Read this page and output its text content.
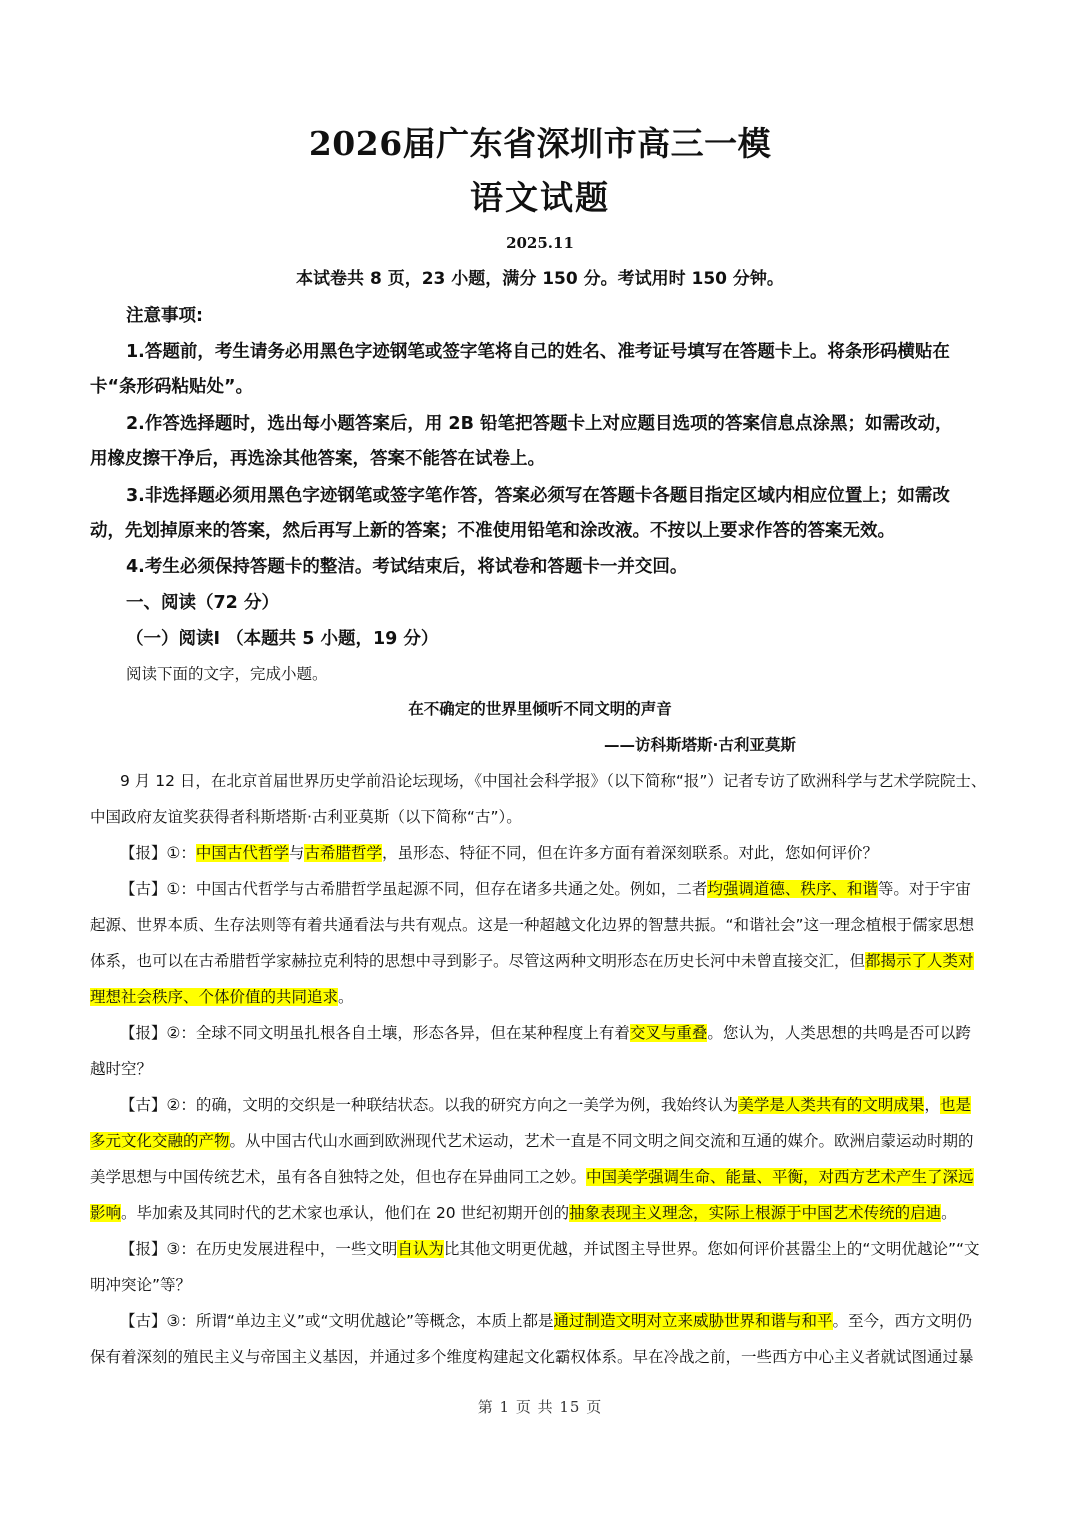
2026届广东省深圳市高三一模
语文试题
2025.11
本试卷共 8 页，23 小题，满分 150 分。考试用时 150 分钟。
注意事项:
1.答题前，考生请务必用黑色字迹钢笔或签字笔将自己的姓名、准考证号填写在答题卡上。将条形码横贴在
卡“条形码粘贴处”。
2.作答选择题时，选出每小题答案后，用 2B 铅笔把答题卡上对应题目选项的答案信息点涂黑；如需改动，
用橡皮擦干净后，再选涂其他答案，答案不能答在试卷上。
3.非选择题必须用黑色字迹钢笔或签字笔作答，答案必须写在答题卡各题目指定区域内相应位置上；如需改
动，先划掉原来的答案，然后再写上新的答案；不准使用铅笔和涂改液。不按以上要求作答的答案无效。
4.考生必须保持答题卡的整洁。考试结束后，将试卷和答题卡一并交回。
一、阅读（72 分）
（一）阅读Ⅰ （本题共 5 小题，19 分）
阅读下面的文字，完成小题。
在不确定的世界里倾听不同文明的声音
——访科斯塔斯·古利亚莫斯
9 月 12 日，在北京首届世界历史学前沿论坛现场，《中国社会科学报》（以下简称“报”）记者专访了欧洲科学与艺术学院院士、
中国政府友谊奖获得者科斯塔斯·古利亚莫斯（以下简称“古”）。
【报】①：中国古代哲学与古希腊哲学，虽形态、特征不同，但在许多方面有着深刻联系。对此，您如何评价？
【古】①：中国古代哲学与古希腊哲学虽起源不同，但存在诸多共通之处。例如，二者均强调道德、秩序、和谐等。对于宇宙
起源、世界本质、生存法则等有着共通看法与共有观点。这是一种超越文化边界的智慧共振。“和谐社会”这一理念植根于儒家思想
体系，也可以在古希腊哲学家赫拉克利特的思想中寻到影子。尽管这两种文明形态在历史长河中未曾直接交汇，但都揭示了人类对
理想社会秩序、个体价值的共同追求。
【报】②：全球不同文明虽扎根各自土壤，形态各异，但在某种程度上有着交叉与重叠。您认为，人类思想的共鸣是否可以跨
越时空？
【古】②：的确，文明的交织是一种联结状态。以我的研究方向之一美学为例，我始终认为美学是人类共有的文明成果，也是
多元文化交融的产物。从中国古代山水画到欧洲现代艺术运动，艺术一直是不同文明之间交流和互通的媒介。欧洲启蒙运动时期的
美学思想与中国传统艺术，虽有各自独特之处，但也存在异曲同工之妙。中国美学强调生命、能量、平衡，对西方艺术产生了深远
影响。毕加索及其同时代的艺术家也承认，他们在 20 世纪初期开创的抽象表现主义理念，实际上根源于中国艺术传统的启迪。
【报】③：在历史发展进程中，一些文明自认为比其他文明更优越，并试图主导世界。您如何评价甚嚣尘上的“文明优越论”“文
明冲突论”等？
【古】③：所谓“单边主义”或“文明优越论”等概念，本质上都是通过制造文明对立来威胁世界和谐与和平。至今，西方文明仍
保有着深刻的殖民主义与帝国主义基因，并通过多个维度构建起文化霸权体系。早在冷战之前，一些西方中心主义者就试图通过暴
第 1 页 共 15 页
